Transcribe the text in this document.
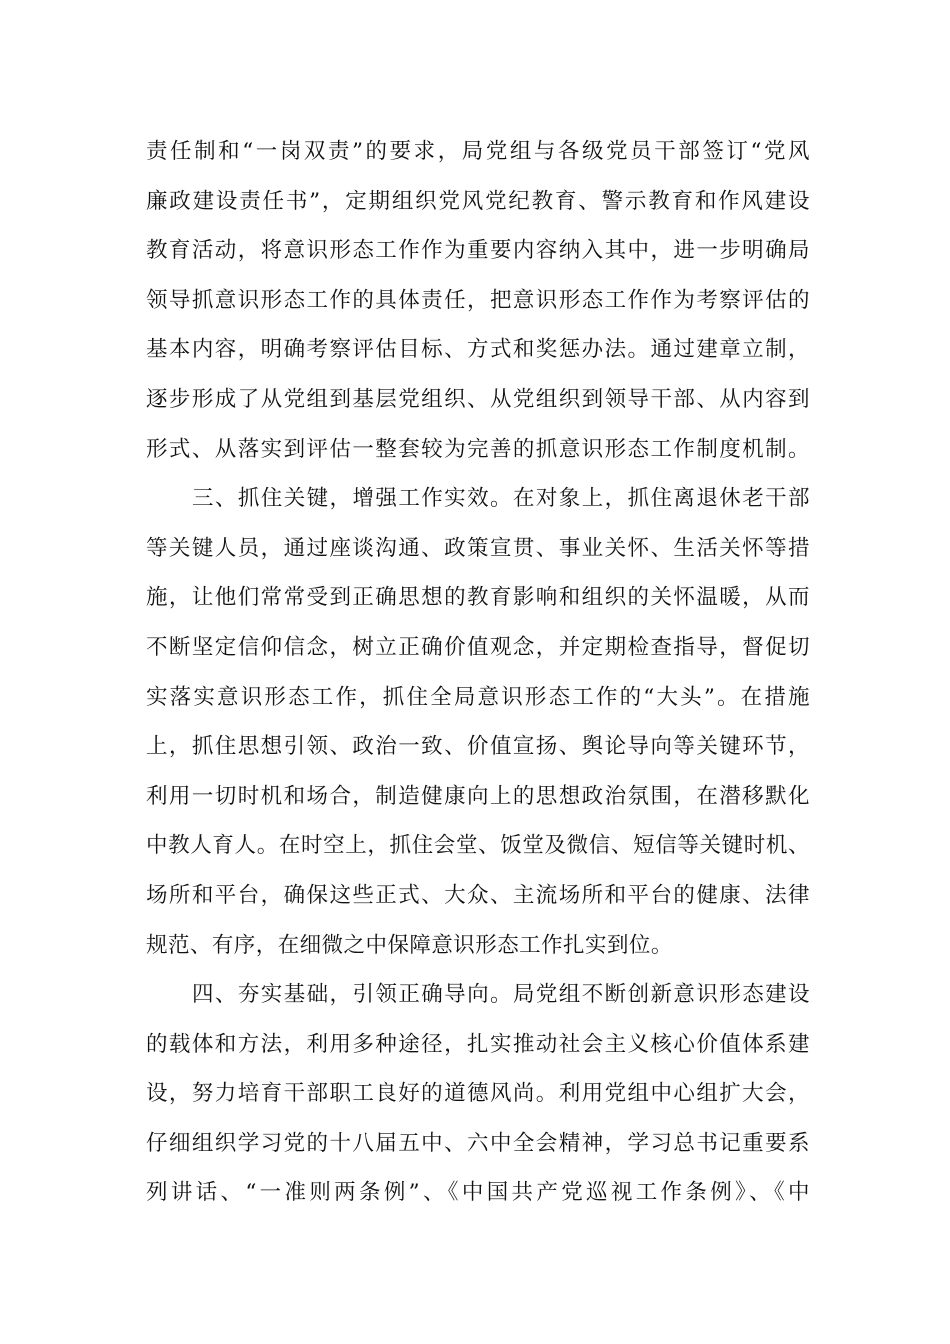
责任制和“一岗双责”的要求，局党组与各级党员干部签订“党风
廉政建设责任书”，定期组织党风党纪教育、警示教育和作风建设
教育活动，将意识形态工作作为重要内容纳入其中，进一步明确局
领导抓意识形态工作的具体责任，把意识形态工作作为考察评估的
基本内容，明确考察评估目标、方式和奖惩办法。通过建章立制，
逐步形成了从党组到基层党组织、从党组织到领导干部、从内容到
形式、从落实到评估一整套较为完善的抓意识形态工作制度机制。
三、抓住关键，增强工作实效。在对象上，抓住离退休老干部
等关键人员，通过座谈沟通、政策宣贯、事业关怀、生活关怀等措
施，让他们常常受到正确思想的教育影响和组织的关怀温暖，从而
不断坚定信仰信念，树立正确价值观念，并定期检查指导，督促切
实落实意识形态工作，抓住全局意识形态工作的“大头”。在措施
上，抓住思想引领、政治一致、价值宣扬、舆论导向等关键环节，
利用一切时机和场合，制造健康向上的思想政治氛围，在潜移默化
中教人育人。在时空上，抓住会堂、饭堂及微信、短信等关键时机、
场所和平台，确保这些正式、大众、主流场所和平台的健康、法律
规范、有序，在细微之中保障意识形态工作扎实到位。
四、夯实基础，引领正确导向。局党组不断创新意识形态建设
的载体和方法，利用多种途径，扎实推动社会主义核心价值体系建
设，努力培育干部职工良好的道德风尚。利用党组中心组扩大会，
仔细组织学习党的十八届五中、六中全会精神，学习总书记重要系
列讲话、“一准则两条例”、《中国共产党巡视工作条例》、《中
